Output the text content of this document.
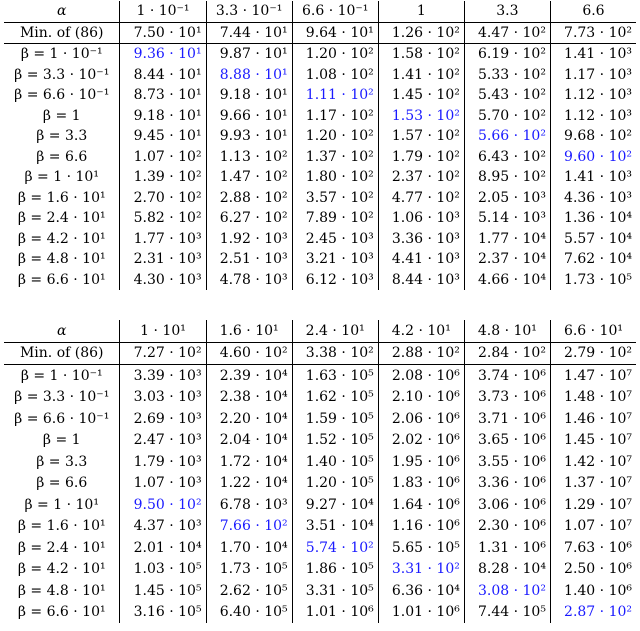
α	1 · 10⁻¹	3.3 · 10⁻¹	6.6 · 10⁻¹	1	3.3	6.6
Min. of (86)	7.50 · 10¹	7.44 · 10¹	9.64 · 10¹	1.26 · 10²	4.47 · 10²	7.73 · 10²
β = 1 · 10⁻¹	9.36 · 10¹	9.87 · 10¹	1.20 · 10²	1.58 · 10²	6.19 · 10²	1.41 · 10³
β = 3.3 · 10⁻¹	8.44 · 10¹	8.88 · 10¹	1.08 · 10²	1.41 · 10²	5.33 · 10²	1.17 · 10³
β = 6.6 · 10⁻¹	8.73 · 10¹	9.18 · 10¹	1.11 · 10²	1.45 · 10²	5.43 · 10²	1.12 · 10³
β = 1	9.18 · 10¹	9.66 · 10¹	1.17 · 10²	1.53 · 10²	5.70 · 10²	1.12 · 10³
β = 3.3	9.45 · 10¹	9.93 · 10¹	1.20 · 10²	1.57 · 10²	5.66 · 10²	9.68 · 10²
β = 6.6	1.07 · 10²	1.13 · 10²	1.37 · 10²	1.79 · 10²	6.43 · 10²	9.60 · 10²
β = 1 · 10¹	1.39 · 10²	1.47 · 10²	1.80 · 10²	2.37 · 10²	8.95 · 10²	1.41 · 10³
β = 1.6 · 10¹	2.70 · 10²	2.88 · 10²	3.57 · 10²	4.77 · 10²	2.05 · 10³	4.36 · 10³
β = 2.4 · 10¹	5.82 · 10²	6.27 · 10²	7.89 · 10²	1.06 · 10³	5.14 · 10³	1.36 · 10⁴
β = 4.2 · 10¹	1.77 · 10³	1.92 · 10³	2.45 · 10³	3.36 · 10³	1.77 · 10⁴	5.57 · 10⁴
β = 4.8 · 10¹	2.31 · 10³	2.51 · 10³	3.21 · 10³	4.41 · 10³	2.37 · 10⁴	7.62 · 10⁴
β = 6.6 · 10¹	4.30 · 10³	4.78 · 10³	6.12 · 10³	8.44 · 10³	4.66 · 10⁴	1.73 · 10⁵
α	1 · 10¹	1.6 · 10¹	2.4 · 10¹	4.2 · 10¹	4.8 · 10¹	6.6 · 10¹
Min. of (86)	7.27 · 10²	4.60 · 10²	3.38 · 10²	2.88 · 10²	2.84 · 10²	2.79 · 10²
β = 1 · 10⁻¹	3.39 · 10³	2.39 · 10⁴	1.63 · 10⁵	2.08 · 10⁶	3.74 · 10⁶	1.47 · 10⁷
β = 3.3 · 10⁻¹	3.03 · 10³	2.38 · 10⁴	1.62 · 10⁵	2.10 · 10⁶	3.73 · 10⁶	1.48 · 10⁷
β = 6.6 · 10⁻¹	2.69 · 10³	2.20 · 10⁴	1.59 · 10⁵	2.06 · 10⁶	3.71 · 10⁶	1.46 · 10⁷
β = 1	2.47 · 10³	2.04 · 10⁴	1.52 · 10⁵	2.02 · 10⁶	3.65 · 10⁶	1.45 · 10⁷
β = 3.3	1.79 · 10³	1.72 · 10⁴	1.40 · 10⁵	1.95 · 10⁶	3.55 · 10⁶	1.42 · 10⁷
β = 6.6	1.07 · 10³	1.22 · 10⁴	1.20 · 10⁵	1.83 · 10⁶	3.36 · 10⁶	1.37 · 10⁷
β = 1 · 10¹	9.50 · 10²	6.78 · 10³	9.27 · 10⁴	1.64 · 10⁶	3.06 · 10⁶	1.29 · 10⁷
β = 1.6 · 10¹	4.37 · 10³	7.66 · 10²	3.51 · 10⁴	1.16 · 10⁶	2.30 · 10⁶	1.07 · 10⁷
β = 2.4 · 10¹	2.01 · 10⁴	1.70 · 10⁴	5.74 · 10²	5.65 · 10⁵	1.31 · 10⁶	7.63 · 10⁶
β = 4.2 · 10¹	1.03 · 10⁵	1.73 · 10⁵	1.86 · 10⁵	3.31 · 10²	8.28 · 10⁴	2.50 · 10⁶
β = 4.8 · 10¹	1.45 · 10⁵	2.62 · 10⁵	3.31 · 10⁵	6.36 · 10⁴	3.08 · 10²	1.40 · 10⁶
β = 6.6 · 10¹	3.16 · 10⁵	6.40 · 10⁵	1.01 · 10⁶	1.01 · 10⁶	7.44 · 10⁵	2.87 · 10²
